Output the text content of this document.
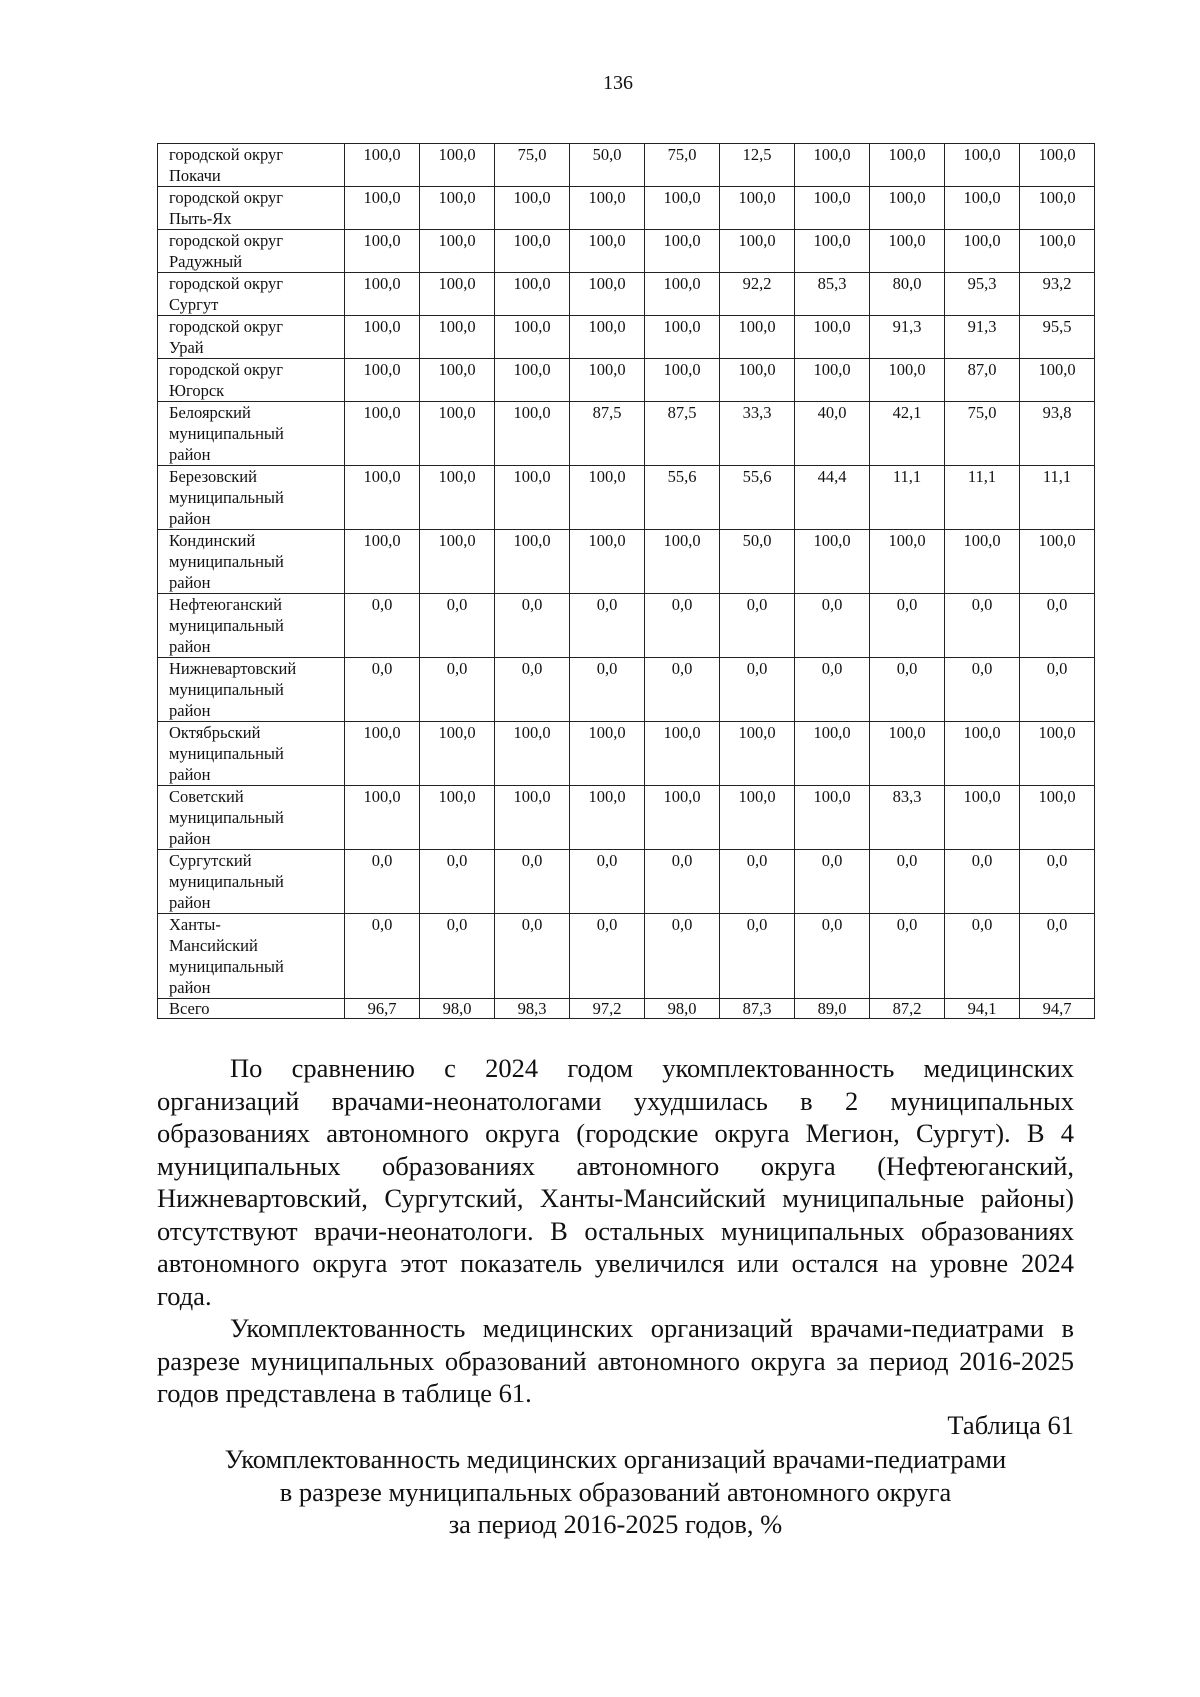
136
городской округ
Покачи	100,0	100,0	75,0	50,0	75,0	12,5	100,0	100,0	100,0	100,0

городской округ
Пыть-Ях	100,0	100,0	100,0	100,0	100,0	100,0	100,0	100,0	100,0	100,0

городской округ
Радужный	100,0	100,0	100,0	100,0	100,0	100,0	100,0	100,0	100,0	100,0

городской округ
Сургут	100,0	100,0	100,0	100,0	100,0	92,2	85,3	80,0	95,3	93,2

городской округ
Урай	100,0	100,0	100,0	100,0	100,0	100,0	100,0	91,3	91,3	95,5

городской округ
Югорск	100,0	100,0	100,0	100,0	100,0	100,0	100,0	100,0	87,0	100,0

Белоярский
муниципальный
район	100,0	100,0	100,0	87,5	87,5	33,3	40,0	42,1	75,0	93,8

Березовский
муниципальный
район	100,0	100,0	100,0	100,0	55,6	55,6	44,4	11,1	11,1	11,1

Кондинский
муниципальный
район	100,0	100,0	100,0	100,0	100,0	50,0	100,0	100,0	100,0	100,0

Нефтеюганский
муниципальный
район	0,0	0,0	0,0	0,0	0,0	0,0	0,0	0,0	0,0	0,0

Нижневартовский
муниципальный
район	0,0	0,0	0,0	0,0	0,0	0,0	0,0	0,0	0,0	0,0

Октябрьский
муниципальный
район	100,0	100,0	100,0	100,0	100,0	100,0	100,0	100,0	100,0	100,0

Советский
муниципальный
район	100,0	100,0	100,0	100,0	100,0	100,0	100,0	83,3	100,0	100,0

Сургутский
муниципальный
район	0,0	0,0	0,0	0,0	0,0	0,0	0,0	0,0	0,0	0,0

Ханты-
Мансийский
муниципальный
район	0,0	0,0	0,0	0,0	0,0	0,0	0,0	0,0	0,0	0,0

Всего	96,7	98,0	98,3	97,2	98,0	87,3	89,0	87,2	94,1	94,7

По сравнению с 2024 годом укомплектованность медицинских организаций врачами-неонатологами ухудшилась в 2 муниципальных образованиях автономного округа (городские округа Мегион, Сургут). В 4 муниципальных образованиях автономного округа (Нефтеюганский, Нижневартовский, Сургутский, Ханты-Мансийский муниципальные районы) отсутствуют врачи-неонатологи. В остальных муниципальных образованиях автономного округа этот показатель увеличился или остался на уровне 2024 года.

Укомплектованность медицинских организаций врачами-педиатрами в разрезе муниципальных образований автономного округа за период 2016-2025 годов представлена в таблице 61.

Таблица 61
Укомплектованность медицинских организаций врачами-педиатрами
в разрезе муниципальных образований автономного округа
за период 2016-2025 годов, %
